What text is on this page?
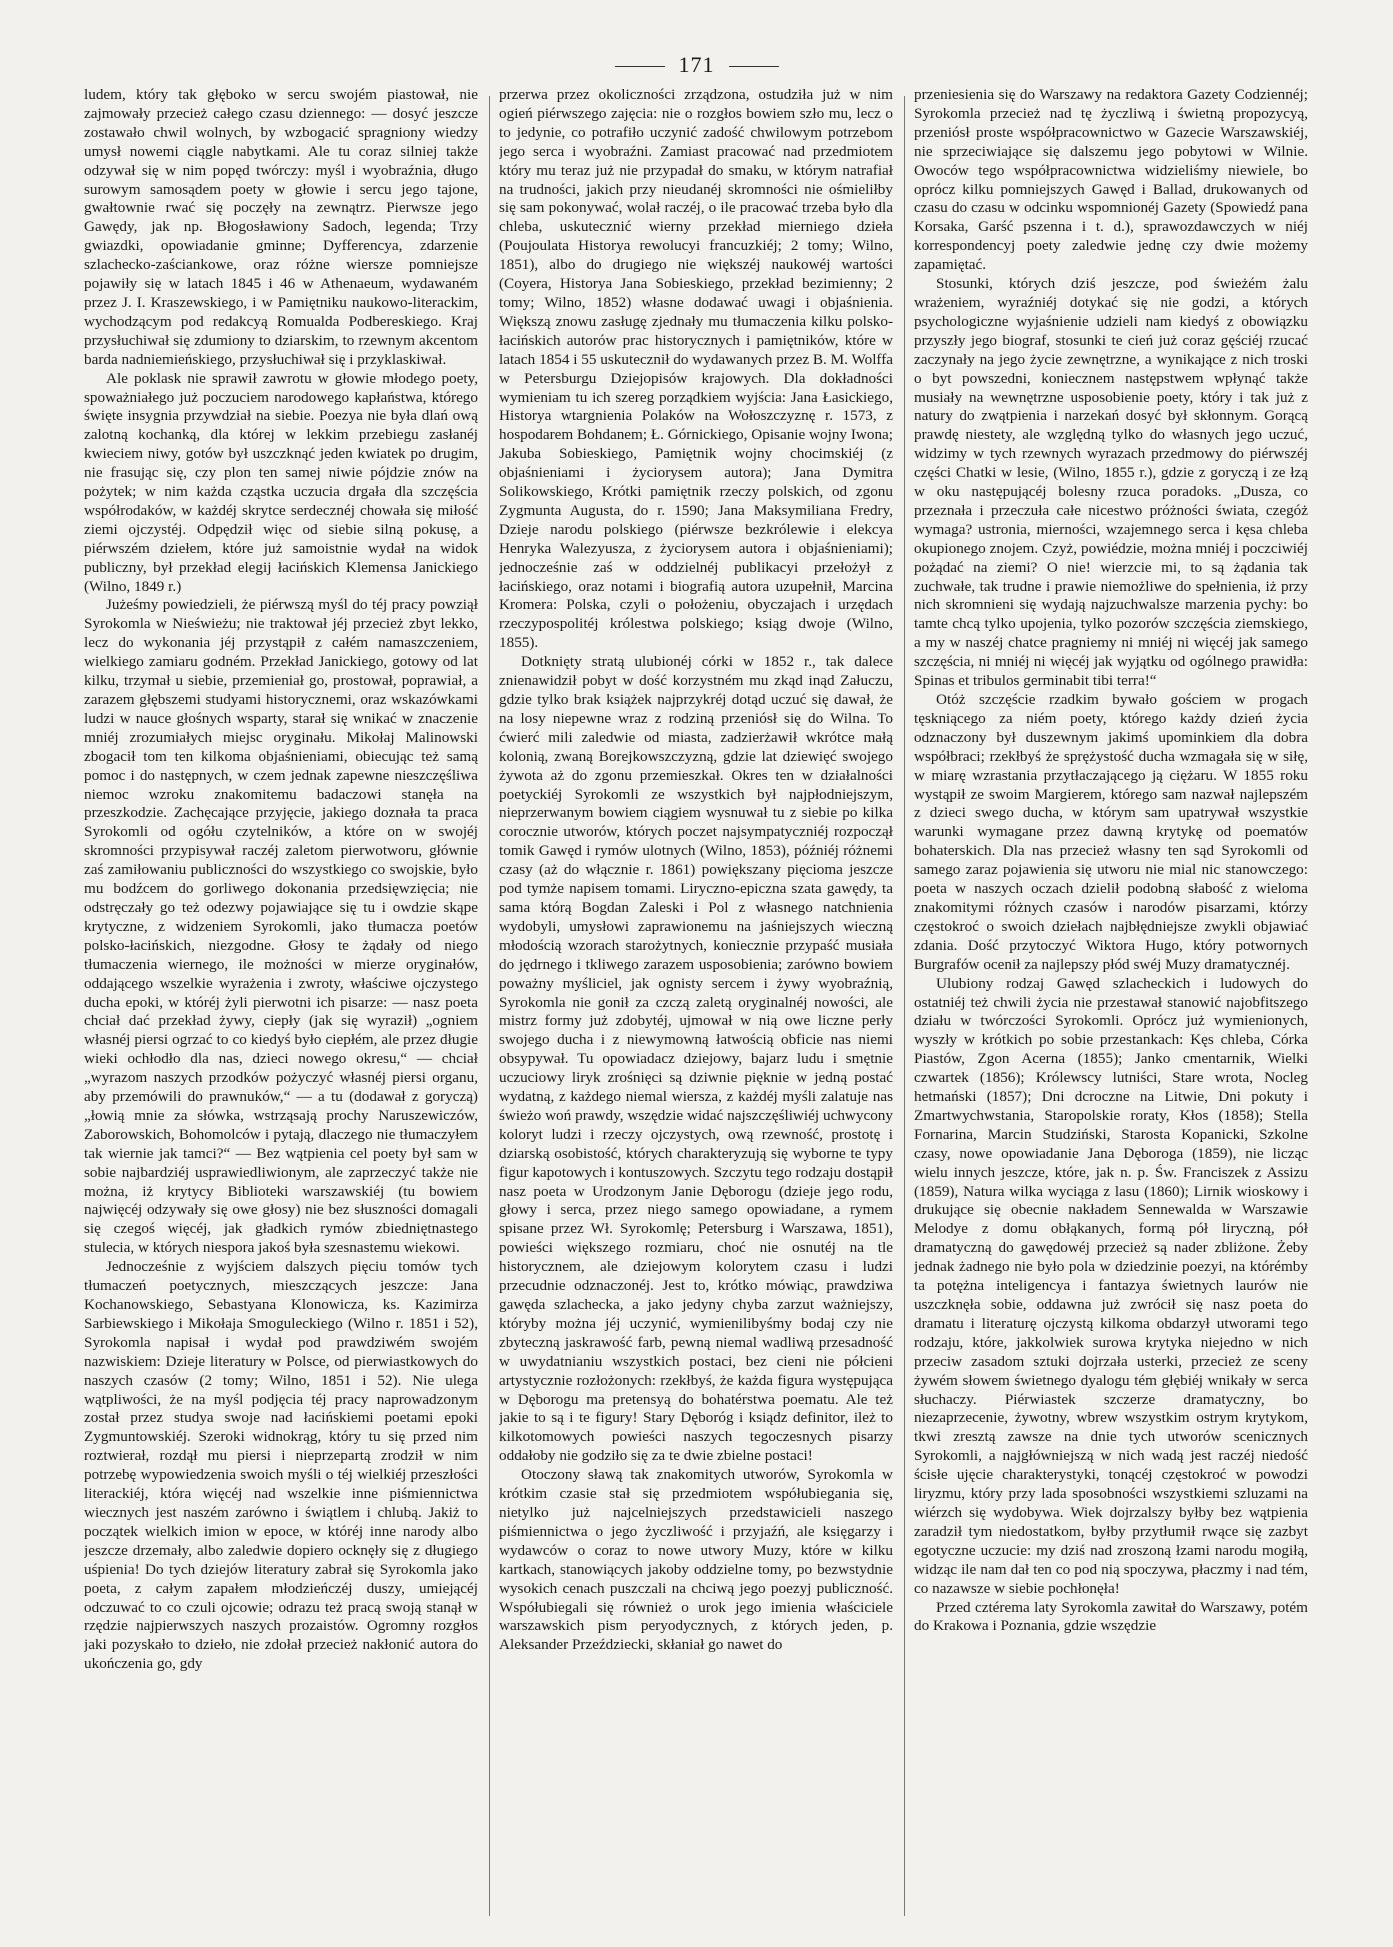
171

ludem, który tak głęboko w sercu swojém piastował, nie zajmowały przecież całego czasu dziennego: — dosyć jeszcze zostawało chwil wolnych, by wzbogacić spragniony wiedzy umysł nowemi ciągle nabytkami. Ale tu coraz silniej także odzywał się w nim popęd twórczy: myśl i wyobraźnia, długo surowym samosądem poety w głowie i sercu jego tajone, gwałtownie rwać się poczęły na zewnątrz. Pierwsze jego Gawędy, jak np. Błogosławiony Sadoch, legenda; Trzy gwiazdki, opowiadanie gminne; Dyfferencya, zdarzenie szlachecko-zaściankowe, oraz różne wiersze pomniejsze pojawiły się w latach 1845 i 46 w Athenaeum, wydawaném przez J. I. Kraszewskiego, i w Pamiętniku naukowo-literackim, wychodzącym pod redakcyą Romualda Podbereskiego. Kraj przysłuchiwał się zdumiony to dziarskim, to rzewnym akcentom barda nadniemieńskiego, przysłuchiwał się i przyklaskiwał.

Ale poklask nie sprawił zawrotu w głowie młodego poety, spoważniałego już poczuciem narodowego kapłaństwa, którego święte insygnia przywdział na siebie. Poezya nie była dlań ową zalotną kochanką, dla której w lekkim przebiegu zasłanéj kwieciem niwy, gotów był uszczknąć jeden kwiatek po drugim, nie frasując się, czy plon ten samej niwie pójdzie znów na pożytek; w nim każda cząstka uczucia drgała dla szczęścia współrodaków, w każdéj skrytce serdecznéj chowała się miłość ziemi ojczystéj. Odpędził więc od siebie silną pokusę, a piérwszém dziełem, które już samoistnie wydał na widok publiczny, był przekład elegij łacińskich Klemensa Janickiego (Wilno, 1849 r.)

Jużeśmy powiedzieli, że piérwszą myśl do téj pracy powziął Syrokomla w Nieświeżu; nie traktował jéj przecież zbyt lekko, lecz do wykonania jéj przystąpił z całém namaszczeniem, wielkiego zamiaru godném. Przekład Janickiego, gotowy od lat kilku, trzymał u siebie, przemieniał go, prostował, poprawiał, a zarazem głębszemi studyami historycznemi, oraz wskazówkami ludzi w nauce głośnych wsparty, starał się wnikać w znaczenie mniéj zrozumiałych miejsc oryginału. Mikołaj Malinowski zbogacił tom ten kilkoma objaśnieniami, obiecując też samą pomoc i do następnych, w czem jednak zapewne nieszczęśliwa niemoc wzroku znakomitemu badaczowi stanęła na przeszkodzie. Zachęcające przyjęcie, jakiego doznała ta praca Syrokomli od ogółu czytelników, a które on w swojéj skromności przypisywał raczéj zaletom pierwotworu, głównie zaś zamiłowaniu publiczności do wszystkiego co swojskie, było mu bodźcem do gorliwego dokonania przedsięwzięcia; nie odstręczały go też odezwy pojawiające się tu i owdzie skąpe krytyczne, z widzeniem Syrokomli, jako tłumacza poetów polsko-łacińskich, niezgodne. Głosy te żądały od niego tłumaczenia wiernego, ile możności w mierze oryginałów, oddającego wszelkie wyrażenia i zwroty, właściwe ojczystego ducha epoki, w któréj żyli pierwotni ich pisarze: — nasz poeta chciał dać przekład żywy, ciepły (jak się wyraził) „ogniem własnéj piersi ogrzać to co kiedyś było ciepłém, ale przez długie wieki ochłodło dla nas, dzieci nowego okresu,“ — chciał „wyrazom naszych przodków pożyczyć własnéj piersi organu, aby przemówili do prawnuków,“ — a tu (dodawał z goryczą) „łowią mnie za słówka, wstrząsają prochy Naruszewiczów, Zaborowskich, Bohomolców i pytają, dlaczego nie tłumaczyłem tak wiernie jak tamci?“ — Bez wątpienia cel poety był sam w sobie najbardziéj usprawiedliwionym, ale zaprzeczyć także nie można, iż krytycy Biblioteki warszawskiéj (tu bowiem najwięcéj odzywały się owe głosy) nie bez słuszności domagali się czegoś więcéj, jak gładkich rymów zbiedniętnastego stulecia, w których niespora jakoś była szesnastemu wiekowi.

Jednocześnie z wyjściem dalszych pięciu tomów tych tłumaczeń poetycznych, mieszczących jeszcze: Jana Kochanowskiego, Sebastyana Klonowicza, ks. Kazimirza Sarbiewskiego i Mikołaja Smoguleckiego (Wilno r. 1851 i 52), Syrokomla napisał i wydał pod prawdziwém swojém nazwiskiem: Dzieje literatury w Polsce, od pierwiastkowych do naszych czasów (2 tomy; Wilno, 1851 i 52). Nie ulega wątpliwości, że na myśl podjęcia téj pracy naprowadzonym został przez studya swoje nad łacińskiemi poetami epoki Zygmuntowskiéj. Szeroki widnokrąg, który tu się przed nim roztwierał, rozdął mu piersi i nieprzepartą zrodził w nim potrzebę wypowiedzenia swoich myśli o téj wielkiéj przeszłości literackiéj, która więcéj nad wszelkie inne piśmiennictwa wiecznych jest naszém zarówno i świątlem i chlubą. Jakiż to początek wielkich imion w epoce, w któréj inne narody albo jeszcze drzemały, albo zaledwie dopiero ocknęły się z długiego uśpienia! Do tych dziejów literatury zabrał się Syrokomla jako poeta, z całym zapałem młodzieńczéj duszy, umiejącéj odczuwać to co czuli ojcowie; odrazu też pracą swoją stanął w rzędzie najpierwszych naszych prozaistów. Ogromny rozgłos jaki pozyskało to dzieło, nie zdołał przecież nakłonić autora do ukończenia go, gdy

przerwa przez okoliczności zrządzona, ostudziła już w nim ogień piérwszego zajęcia: nie o rozgłos bowiem szło mu, lecz o to jedynie, co potrafiło uczynić zadość chwilowym potrzebom jego serca i wyobraźni. Zamiast pracować nad przedmiotem który mu teraz już nie przypadał do smaku, w którym natrafiał na trudności, jakich przy nieudanéj skromności nie ośmieliłby się sam pokonywać, wolał raczéj, o ile pracować trzeba było dla chleba, uskutecznić wierny przekład mierniego dzieła (Poujoulata Historya rewolucyi francuzkiéj; 2 tomy; Wilno, 1851), albo do drugiego nie większéj naukowéj wartości (Coyera, Historya Jana Sobieskiego, przekład bezimienny; 2 tomy; Wilno, 1852) własne dodawać uwagi i objaśnienia. Większą znowu zasługę zjednały mu tłumaczenia kilku polsko-łacińskich autorów prac historycznych i pamiętników, które w latach 1854 i 55 uskutecznił do wydawanych przez B. M. Wolffa w Petersburgu Dziejopisów krajowych. Dla dokładności wymieniam tu ich szereg porządkiem wyjścia: Jana Łasickiego, Historya wtargnienia Polaków na Wołoszczyznę r. 1573, z hospodarem Bohdanem; Ł. Górnickiego, Opisanie wojny Iwona; Jakuba Sobieskiego, Pamiętnik wojny chocimskiéj (z objaśnieniami i życiorysem autora); Jana Dymitra Solikowskiego, Krótki pamiętnik rzeczy polskich, od zgonu Zygmunta Augusta, do r. 1590; Jana Maksymiliana Fredry, Dzieje narodu polskiego (piérwsze bezkrólewie i elekcya Henryka Walezyusza, z życiorysem autora i objaśnieniami); jednocześnie zaś w oddzielnéj publikacyi przełożył z łacińskiego, oraz notami i biografią autora uzupełnił, Marcina Kromera: Polska, czyli o położeniu, obyczajach i urzędach rzeczypospolitéj królestwa polskiego; ksiąg dwoje (Wilno, 1855).

Dotknięty stratą ulubionéj córki w 1852 r., tak dalece znienawidził pobyt w dość korzystném mu zkąd inąd Załuczu, gdzie tylko brak książek najprzykréj dotąd uczuć się dawał, że na losy niepewne wraz z rodziną przeniósł się do Wilna. To ćwierć mili zaledwie od miasta, zadzierżawił wkrótce małą kolonią, zwaną Borejkowszczyzną, gdzie lat dziewięć swojego żywota aż do zgonu przemieszkał. Okres ten w działalności poetyckiéj Syrokomli ze wszystkich był najpłodniejszym, nieprzerwanym bowiem ciągiem wysnuwał tu z siebie po kilka corocznie utworów, których poczet najsympatyczniéj rozpoczął tomik Gawęd i rymów ulotnych (Wilno, 1853), późniéj różnemi czasy (aż do włącznie r. 1861) powiększany pięcioma jeszcze pod tymże napisem tomami. Liryczno-epiczna szata gawędy, ta sama którą Bogdan Zaleski i Pol z własnego natchnienia wydobyli, umysłowi zaprawionemu na jaśniejszych wieczną młodością wzorach starożytnych, koniecznie przypaść musiała do jędrnego i tkliwego zarazem usposobienia; zarówno bowiem poważny myśliciel, jak ognisty sercem i żywy wyobraźnią, Syrokomla nie gonił za czczą zaletą oryginalnéj nowości, ale mistrz formy już zdobytéj, ujmował w nią owe liczne perły swojego ducha i z niewymowną łatwością obficie nas niemi obsypywał. Tu opowiadacz dziejowy, bajarz ludu i smętnie uczuciowy liryk zrośnięci są dziwnie pięknie w jedną postać wydatną, z każdego niemal wiersza, z każdéj myśli zalatuje nas świeżo woń prawdy, wszędzie widać najszczęśliwiéj uchwycony koloryt ludzi i rzeczy ojczystych, ową rzewność, prostotę i dziarską osobistość, których charakteryzują się wyborne te typy figur kapotowych i kontuszowych. Szczytu tego rodzaju dostąpił nasz poeta w Urodzonym Janie Dęborogu (dzieje jego rodu, głowy i serca, przez niego samego opowiadane, a rymem spisane przez Wł. Syrokomlę; Petersburg i Warszawa, 1851), powieści większego rozmiaru, choć nie osnutéj na tle historycznem, ale dziejowym kolorytem czasu i ludzi przecudnie odznaczonéj. Jest to, krótko mówiąc, prawdziwa gawęda szlachecka, a jako jedyny chyba zarzut ważniejszy, któryby można jéj uczynić, wymienilibyśmy bodaj czy nie zbyteczną jaskrawość farb, pewną niemal wadliwą przesadność w uwydatnianiu wszystkich postaci, bez cieni nie półcieni artystycznie rozłożonych: rzekłbyś, że każda figura występująca w Dęborogu ma pretensyą do bohatérstwa poematu. Ale też jakie to są i te figury! Stary Dęboróg i ksiądz definitor, ileż to kilkotomowych powieści naszych tegoczesnych pisarzy oddałoby nie godziło się za te dwie zbielne postaci!

Otoczony sławą tak znakomitych utworów, Syrokomla w krótkim czasie stał się przedmiotem współubiegania się, nietylko już najcelniejszych przedstawicieli naszego piśmiennictwa o jego życzliwość i przyjaźń, ale księgarzy i wydawców o coraz to nowe utwory Muzy, które w kilku kartkach, stanowiących jakoby oddzielne tomy, po bezwstydnie wysokich cenach puszczali na chciwą jego poezyj publiczność. Współubiegali się również o urok jego imienia właściciele warszawskich pism peryodycznych, z których jeden, p. Aleksander Przeździecki, skłaniał go nawet do

przeniesienia się do Warszawy na redaktora Gazety Codziennéj; Syrokomla przecież nad tę życzliwą i świetną propozycyą, przeniósł proste współpracownictwo w Gazecie Warszawskiéj, nie sprzeciwiające się dalszemu jego pobytowi w Wilnie. Owoców tego współpracownictwa widzieliśmy niewiele, bo oprócz kilku pomniejszych Gawęd i Ballad, drukowanych od czasu do czasu w odcinku wspomnionéj Gazety (Spowiedź pana Korsaka, Garść pszenna i t. d.), sprawozdawczych w niéj korrespondencyj poety zaledwie jednę czy dwie możemy zapamiętać.

Stosunki, których dziś jeszcze, pod świeżém żalu wrażeniem, wyraźniéj dotykać się nie godzi, a których psychologiczne wyjaśnienie udzieli nam kiedyś z obowiązku przyszły jego biograf, stosunki te cień już coraz gęściéj rzucać zaczynały na jego życie zewnętrzne, a wynikające z nich troski o byt powszedni, koniecznem następstwem wpłynąć także musiały na wewnętrzne usposobienie poety, który i tak już z natury do zwątpienia i narzekań dosyć był skłonnym. Gorącą prawdę niestety, ale względną tylko do własnych jego uczuć, widzimy w tych rzewnych wyrazach przedmowy do piérwszéj części Chatki w lesie, (Wilno, 1855 r.), gdzie z goryczą i ze łzą w oku następującéj bolesny rzuca poradoks. „Dusza, co przeznała i przeczuła całe nicestwo próżności świata, czegóż wymaga? ustronia, mierności, wzajemnego serca i kęsa chleba okupionego znojem. Czyż, powiédzie, można mniéj i poczciwiéj pożądać na ziemi? O nie! wierzcie mi, to są żądania tak zuchwałe, tak trudne i prawie niemożliwe do spełnienia, iż przy nich skromnieni się wydają najzuchwalsze marzenia pychy: bo tamte chcą tylko upojenia, tylko pozorów szczęścia ziemskiego, a my w naszéj chatce pragniemy ni mniéj ni więcéj jak samego szczęścia, ni mniéj ni więcéj jak wyjątku od ogólnego prawidła: Spinas et tribulos germinabit tibi terra!“

Otóż szczęście rzadkim bywało gościem w progach tęskniącego za niém poety, którego każdy dzień życia odznaczony był duszewnym jakimś upominkiem dla dobra współbraci; rzekłbyś że sprężystość ducha wzmagała się w siłę, w miarę wzrastania przytłaczającego ją ciężaru. W 1855 roku wystąpił ze swoim Margierem, którego sam nazwał najlepszém z dzieci swego ducha, w którym sam upatrywał wszystkie warunki wymagane przez dawną krytykę od poematów bohaterskich. Dla nas przecież własny ten sąd Syrokomli od samego zaraz pojawienia się utworu nie mial nic stanowczego: poeta w naszych oczach dzielił podobną słabość z wieloma znakomitymi różnych czasów i narodów pisarzami, którzy częstokroć o swoich dziełach najbłędniejsze zwykli objawiać zdania. Dość przytoczyć Wiktora Hugo, który potwornych Burgrafów ocenił za najlepszy płód swéj Muzy dramatycznéj.

Ulubiony rodzaj Gawęd szlacheckich i ludowych do ostatniéj też chwili życia nie przestawał stanowić najobfitszego działu w twórczości Syrokomli. Oprócz już wymienionych, wyszły w krótkich po sobie przestankach: Kęs chleba, Córka Piastów, Zgon Acerna (1855); Janko cmentarnik, Wielki czwartek (1856); Królewscy lutniści, Stare wrota, Nocleg hetmański (1857); Dni dcroczne na Litwie, Dni pokuty i Zmartwychwstania, Staropolskie roraty, Kłos (1858); Stella Fornarina, Marcin Studziński, Starosta Kopanicki, Szkolne czasy, nowe opowiadanie Jana Dęboroga (1859), nie licząc wielu innych jeszcze, które, jak n. p. Św. Franciszek z Assizu (1859), Natura wilka wyciąga z lasu (1860); Lirnik wioskowy i drukujące się obecnie nakładem Sennewalda w Warszawie Melodye z domu obłąkanych, formą pół liryczną, pół dramatyczną do gawędowéj przecież są nader zbliżone. Żeby jednak żadnego nie było pola w dziedzinie poezyi, na którémby ta potężna inteligencya i fantazya świetnych laurów nie uszczknęła sobie, oddawna już zwrócił się nasz poeta do dramatu i literaturę ojczystą kilkoma obdarzył utworami tego rodzaju, które, jakkolwiek surowa krytyka niejedno w nich przeciw zasadom sztuki dojrzała usterki, przecież ze sceny żywém słowem świetnego dyalogu tém głębiéj wnikały w serca słuchaczy. Piérwiastek szczerze dramatyczny, bo niezaprzecenie, żywotny, wbrew wszystkim ostrym krytykom, tkwi zresztą zawsze na dnie tych utworów scenicznych Syrokomli, a najgłówniejszą w nich wadą jest raczéj niedość ścisłe ujęcie charakterystyki, tonącéj częstokroć w powodzi liryzmu, który przy lada sposobności wszystkiemi szluzami na wiérzch się wydobywa. Wiek dojrzalszy byłby bez wątpienia zaradził tym niedostatkom, byłby przytłumił rwące się zazbyt egotyczne uczucie: my dziś nad zroszoną łzami narodu mogiłą, widząc ile nam dał ten co pod nią spoczywa, płaczmy i nad tém, co nazawsze w siebie pochłonęła!

Przed cztérema laty Syrokomla zawitał do Warszawy, potém do Krakowa i Poznania, gdzie wszędzie
